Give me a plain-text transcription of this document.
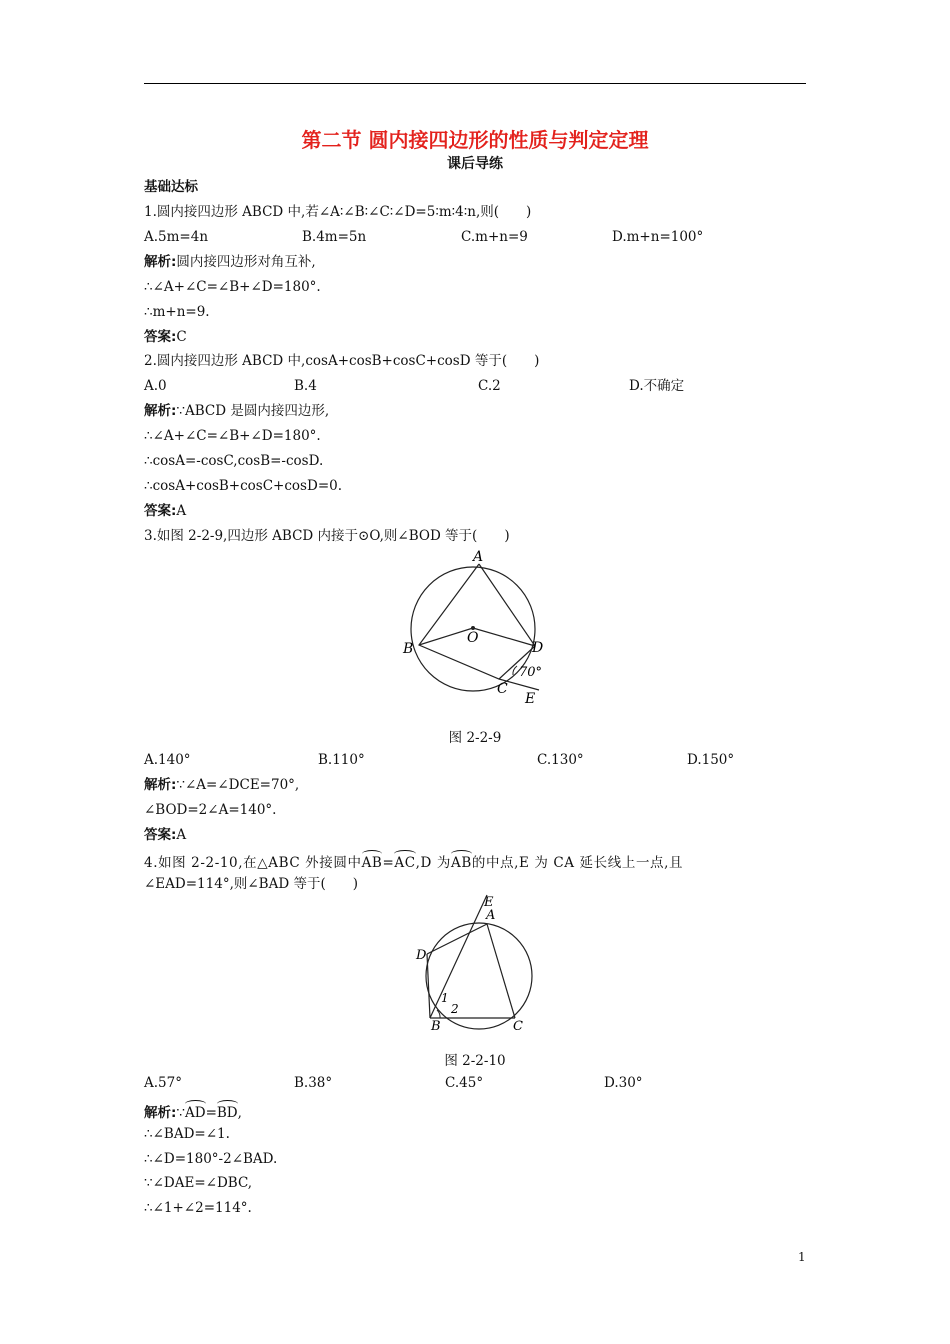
第二节 圆内接四边形的性质与判定定理
课后导练
基础达标
1.圆内接四边形 ABCD 中,若∠A∶∠B∶∠C∶∠D=5∶m∶4∶n,则(　　)
A.5m=4n	B.4m=5n	C.m+n=9	D.m+n=100°
解析:圆内接四边形对角互补,
∴∠A+∠C=∠B+∠D=180°.
∴m+n=9.
答案:C
2.圆内接四边形 ABCD 中,cosA+cosB+cosC+cosD 等于(　　)
A.0	B.4	C.2	D.不确定
解析:∵ABCD 是圆内接四边形,
∴∠A+∠C=∠B+∠D=180°.
∴cosA=-cosC,cosB=-cosD.
∴cosA+cosB+cosC+cosD=0.
答案:A
3.如图 2-2-9,四边形 ABCD 内接于⊙O,则∠BOD 等于(　　)
A
B
C
D
O
E
70°
图 2-2-9
A.140°	B.110°	C.130°	D.150°
解析:∵∠A=∠DCE=70°,
∠BOD=2∠A=140°.
答案:A
4.如图 2-2-10,在△ABC 外接圆中AB=AC,D 为AB的中点,E 为 CA 延长线上一点,且
∠EAD=114°,则∠BAD 等于(　　)
E
A
D
B	C
1
2
图 2-2-10
A.57°	B.38°	C.45°	D.30°
解析:∵AD=BD,
∴∠BAD=∠1.
∴∠D=180°-2∠BAD.
∵∠DAE=∠DBC,
∴∠1+∠2=114°.
1
